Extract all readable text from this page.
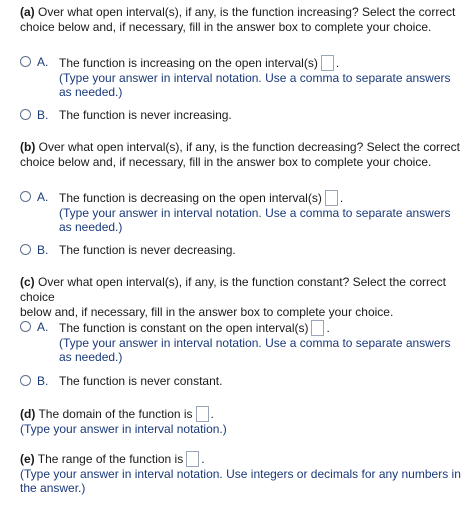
(a) Over what open interval(s), if any, is the function increasing? Select the correct
choice below and, if necessary, fill in the answer box to complete your choice.
A. The function is increasing on the open interval(s) .
(Type your answer in interval notation. Use a comma to separate answers
as needed.)
B. The function is never increasing.
(b) Over what open interval(s), if any, is the function decreasing? Select the correct
choice below and, if necessary, fill in the answer box to complete your choice.
A. The function is decreasing on the open interval(s) .
(Type your answer in interval notation. Use a comma to separate answers
as needed.)
B. The function is never decreasing.
(c) Over what open interval(s), if any, is the function constant? Select the correct choice
below and, if necessary, fill in the answer box to complete your choice.
A. The function is constant on the open interval(s) .
(Type your answer in interval notation. Use a comma to separate answers
as needed.)
B. The function is never constant.
(d) The domain of the function is .
(Type your answer in interval notation.)
(e) The range of the function is .
(Type your answer in interval notation. Use integers or decimals for any numbers in
the answer.)
